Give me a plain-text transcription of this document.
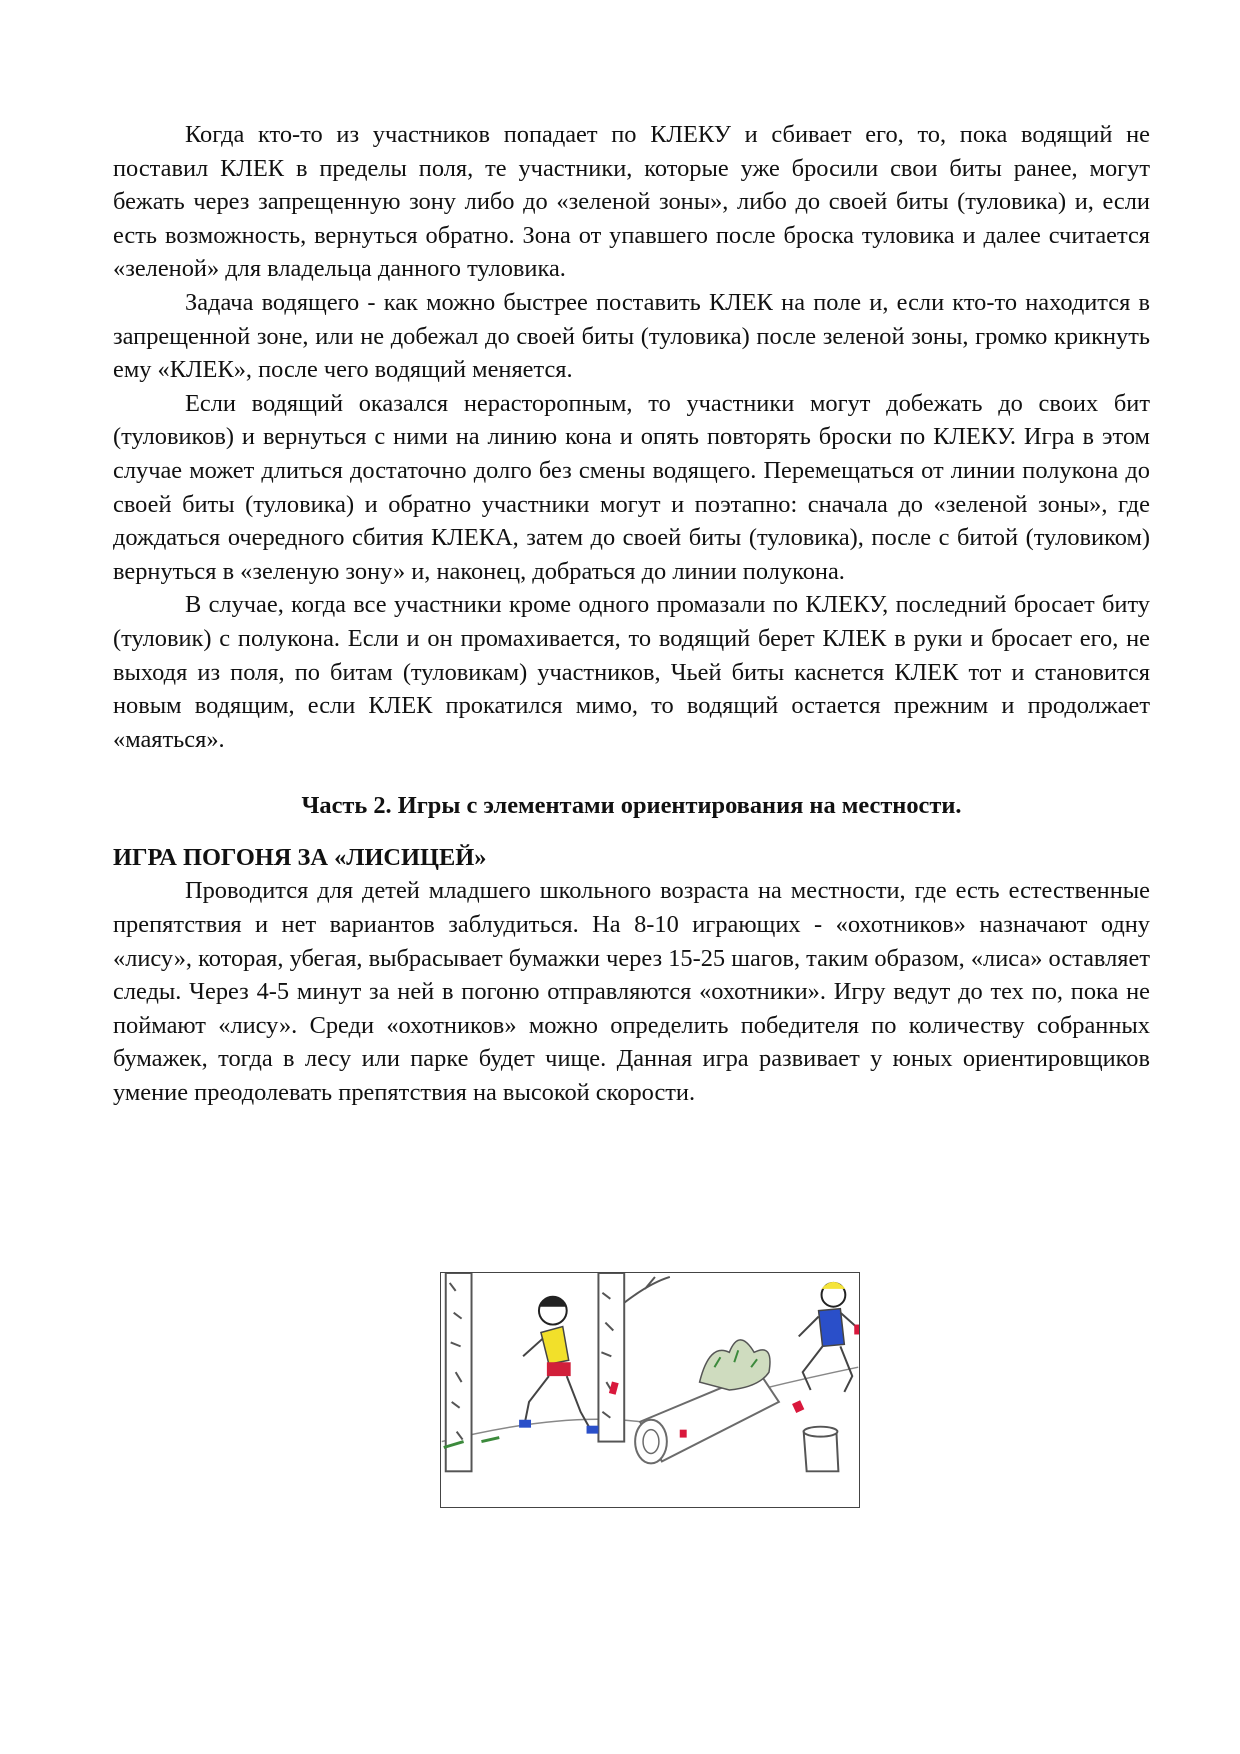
Когда кто-то из участников попадает по КЛЕКУ и сбивает его, то, пока водящий не поставил КЛЕК в пределы поля, те участники, которые уже бросили свои биты ранее, могут бежать через запрещенную зону либо до «зеленой зоны», либо до своей биты (туловика) и, если есть возможность, вернуться обратно. Зона от упавшего после броска туловика и далее считается «зеленой» для владельца данного туловика.

Задача водящего - как можно быстрее поставить КЛЕК на поле и, если кто-то находится в запрещенной зоне, или не добежал до своей биты (туловика) после зеленой зоны, громко крикнуть ему «КЛЕК», после чего водящий меняется.

Если водящий оказался нерасторопным, то участники могут добежать до своих бит (туловиков) и вернуться с ними на линию кона и опять повторять броски по КЛЕКУ. Игра в этом случае может длиться достаточно долго без смены водящего. Перемещаться от линии полукона до своей биты (туловика) и обратно участники могут и поэтапно: сначала до «зеленой зоны», где дождаться очередного сбития КЛЕКА, затем до своей биты (туловика), после с битой (туловиком) вернуться в «зеленую зону» и, наконец, добраться до линии полукона.

В случае, когда все участники кроме одного промазали по КЛЕКУ, последний бросает биту (туловик) с полукона. Если и он промахивается, то водящий берет КЛЕК в руки и бросает его, не выходя из поля, по битам (туловикам) участников, Чьей биты каснется КЛЕК тот и становится новым водящим, если КЛЕК прокатился мимо, то водящий остается прежним и продолжает «маяться».

Часть 2. Игры с элементами ориентирования на местности.

ИГРА ПОГОНЯ ЗА «ЛИСИЦЕЙ»

Проводится для детей младшего школьного возраста на местности, где есть естественные препятствия и нет вариантов заблудиться. На 8-10 играющих - «охотников» назначают одну «лису», которая, убегая, выбрасывает бумажки через 15-25 шагов, таким образом, «лиса» оставляет следы. Через 4-5 минут за ней в погоню отправляются «охотники». Игру ведут до тех по, пока не поймают «лису». Среди «охотников» можно определить победителя по количеству собранных бумажек, тогда в лесу или парке будет чище. Данная игра развивает у юных ориентировщиков умение преодолевать препятствия на высокой скорости.
